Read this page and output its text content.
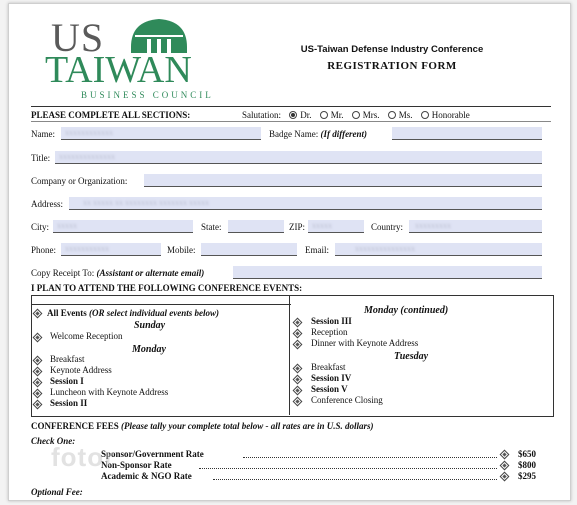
US
TAIWAN
BUSINESS COUNCIL
US-Taiwan Defense Industry Conference
REGISTRATION FORM
PLEASE COMPLETE ALL SECTIONS:	Salutation: Dr. Mr. Mrs. Ms. Honorable
Name:	xxxxxxxxxxxx	Badge Name: (If different)
Title:	xxxxxxxxxxxxxx
Company or Organization:
Address:	xx xxxxx xx xxxxxxxx xxxxxxx xxxxx
City: xxxxx	State:	ZIP: xxxxx	Country:	xxxxxxxxx
Phone:	xxxxxxxxxxx	Mobile:	Email:	xxxxxxxxxxxxxxx
Copy Receipt To: (Assistant or alternate email)
I PLAN TO ATTEND THE FOLLOWING CONFERENCE EVENTS:
All Events (OR select individual events below)
Sunday
Welcome Reception
Monday
Breakfast
Keynote Address
Session I
Luncheon with Keynote Address
Session II
Monday (continued)
Session III
Reception
Dinner with Keynote Address
Tuesday
Breakfast
Session IV
Session V
Conference Closing
CONFERENCE FEES (Please tally your complete total below - all rates are in U.S. dollars)
Check One:
Sponsor/Government Rate	$650
Non-Sponsor Rate	$800
Academic & NGO Rate	$295
Optional Fee:
fotor
